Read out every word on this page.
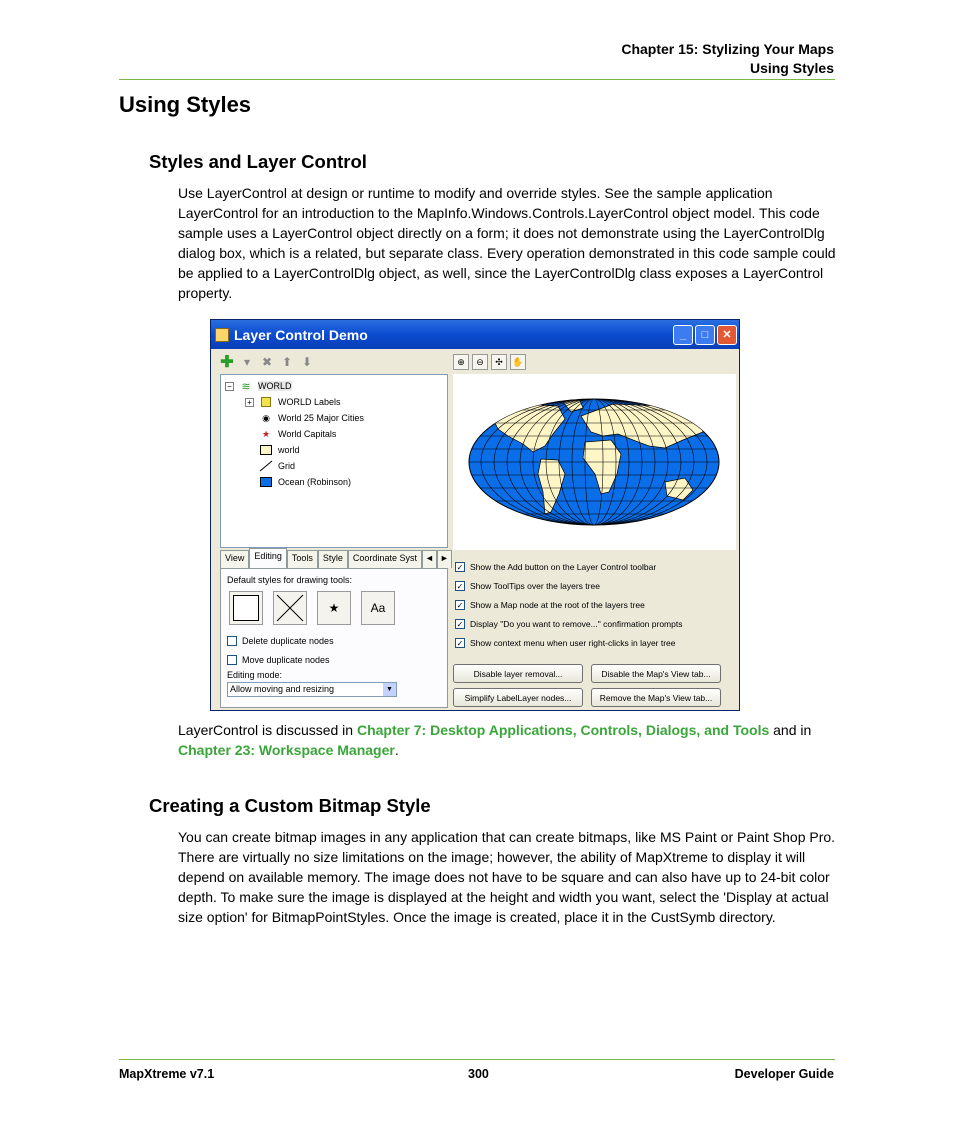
Chapter 15: Stylizing Your Maps
Using Styles
Using Styles
Styles and Layer Control

Use LayerControl at design or runtime to modify and override styles. See the sample application LayerControl for an introduction to the MapInfo.Windows.Controls.LayerControl object model. This code sample uses a LayerControl object directly on a form; it does not demonstrate using the LayerControlDlg dialog box, which is a related, but separate class. Every operation demonstrated in this code sample could be applied to a LayerControlDlg object, as well, since the LayerControlDlg class exposes a LayerControl property.

Layer Control Demo	_	□	✕
✚ ▾ ✖ ⬆ ⬇
− ≋ WORLD
+	WORLD Labels
◉ World 25 Major Cities
★ World Capitals
world
Grid
Ocean (Robinson)
View	Editing	Tools	Style	Coordinate Syst ◄ ►
Default styles for drawing tools:
★	Aa
Delete duplicate nodes
Move duplicate nodes
Editing mode:
Allow moving and resizing	▼
⊕	⊖	✣	✋
✓ Show the Add button on the Layer Control toolbar
✓ Show ToolTips over the layers tree
✓ Show a Map node at the root of the layers tree
✓ Display "Do you want to remove..." confirmation prompts
✓ Show context menu when user right-clicks in layer tree
Disable layer removal...	Disable the Map's View tab...
Simplify LabelLayer nodes...	Remove the Map's View tab...

LayerControl is discussed in Chapter 7: Desktop Applications, Controls, Dialogs, and Tools and in Chapter 23: Workspace Manager.

Creating a Custom Bitmap Style

You can create bitmap images in any application that can create bitmaps, like MS Paint or Paint Shop Pro. There are virtually no size limitations on the image; however, the ability of MapXtreme to display it will depend on available memory. The image does not have to be square and can also have up to 24-bit color depth. To make sure the image is displayed at the height and width you want, select the 'Display at actual size option' for BitmapPointStyles. Once the image is created, place it in the CustSymb directory.

MapXtreme v7.1	300	Developer Guide
